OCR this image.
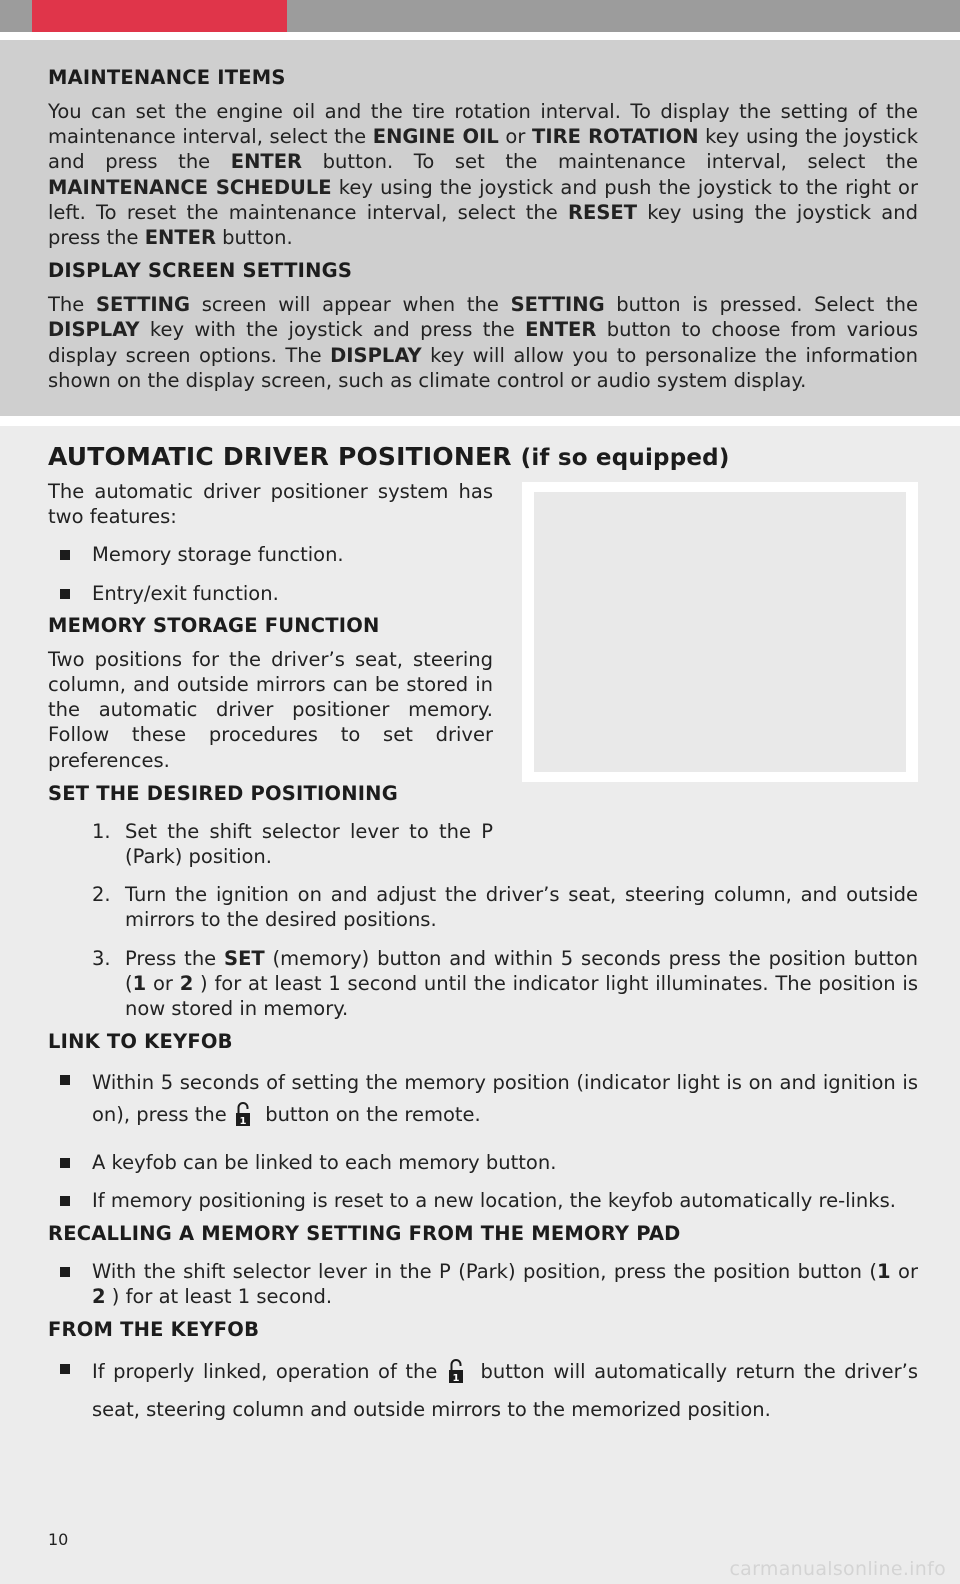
MAINTENANCE ITEMS

You can set the engine oil and the tire rotation interval. To display the setting of the maintenance interval, select the ENGINE OIL or TIRE ROTATION key using the joystick and press the ENTER button. To set the maintenance interval, select the MAINTENANCE SCHEDULE key using the joystick and push the joystick to the right or left. To reset the maintenance interval, select the RESET key using the joystick and press the ENTER button.

DISPLAY SCREEN SETTINGS

The SETTING screen will appear when the SETTING button is pressed. Select the DISPLAY key with the joystick and press the ENTER button to choose from various display screen options. The DISPLAY key will allow you to personalize the information shown on the display screen, such as climate control or audio system display.

AUTOMATIC DRIVER POSITIONER (if so equipped)

The automatic driver positioner system has two features:

Memory storage function.
Entry/exit function.
MEMORY STORAGE FUNCTION

Two positions for the driver’s seat, steering column, and outside mirrors can be stored in the automatic driver positioner memory. Follow these procedures to set driver preferences.

SET THE DESIRED POSITIONING
1. Set the shift selector lever to the P (Park) position.
2. Turn the ignition on and adjust the driver’s seat, steering column, and outside mirrors to the desired positions.
3. Press the SET (memory) button and within 5 seconds press the position button (1 or 2 ) for at least 1 second until the indicator light illuminates. The position is now stored in memory.
LINK TO KEYFOB
Within 5 seconds of setting the memory position (indicator light is on and ignition is on), press the 1 button on the remote.
A keyfob can be linked to each memory button.
If memory positioning is reset to a new location, the keyfob automatically re-links.
RECALLING A MEMORY SETTING FROM THE MEMORY PAD
With the shift selector lever in the P (Park) position, press the position button (1 or 2 ) for at least 1 second.
FROM THE KEYFOB
If properly linked, operation of the 1 button will automatically return the driver’s seat, steering column and outside mirrors to the memorized position.
10
carmanualsonline.info
